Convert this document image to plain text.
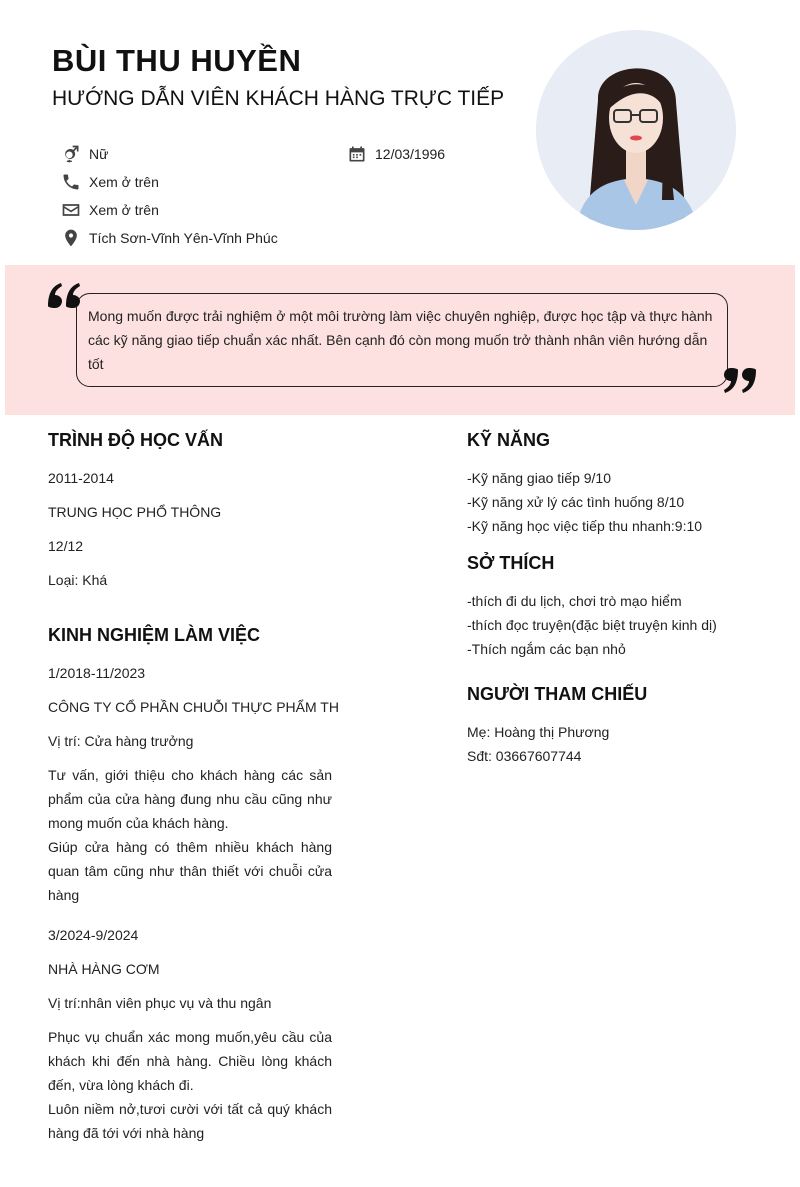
BÙI THU HUYỀN
HƯỚNG DẪN VIÊN KHÁCH HÀNG TRỰC TIẾP
Nữ	12/03/1996
Xem ở trên
Xem ở trên
Tích Sơn-Vĩnh Yên-Vĩnh Phúc
Mong muốn được trải nghiệm ở một môi trường làm việc chuyên nghiệp, được học tập và thực hành các kỹ năng giao tiếp chuẩn xác nhất. Bên cạnh đó còn mong muốn trở thành nhân viên hướng dẫn tốt
TRÌNH ĐỘ HỌC VẤN
2011-2014
TRUNG HỌC PHỔ THÔNG
12/12
Loại: Khá
KINH NGHIỆM LÀM VIỆC
1/2018-11/2023
CÔNG TY CỔ PHẦN CHUỖI THỰC PHẨM TH
Vị trí: Cửa hàng trưởng
Tư vấn, giới thiệu cho khách hàng các sản phẩm của cửa hàng đung nhu cầu cũng như mong muốn của khách hàng.
Giúp cửa hàng có thêm nhiều khách hàng quan tâm cũng như thân thiết với chuỗi cửa hàng
3/2024-9/2024
NHÀ HÀNG CƠM
Vị trí:nhân viên phục vụ và thu ngân
Phục vụ chuẩn xác mong muốn,yêu cầu của khách khi đến nhà hàng. Chiều lòng khách đến, vừa lòng khách đi.
Luôn niềm nở,tươi cười với tất cả quý khách hàng đã tới với nhà hàng
KỸ NĂNG
-Kỹ năng giao tiếp 9/10
-Kỹ năng xử lý các tình huống 8/10
-Kỹ năng học việc tiếp thu nhanh:9:10
SỞ THÍCH
-thích đi du lịch, chơi trò mạo hiểm
-thích đọc truyện(đặc biệt truyện kinh dị)
-Thích ngắm các bạn nhỏ
NGƯỜI THAM CHIẾU
Mẹ: Hoàng thị Phương
Sđt: 03667607744
